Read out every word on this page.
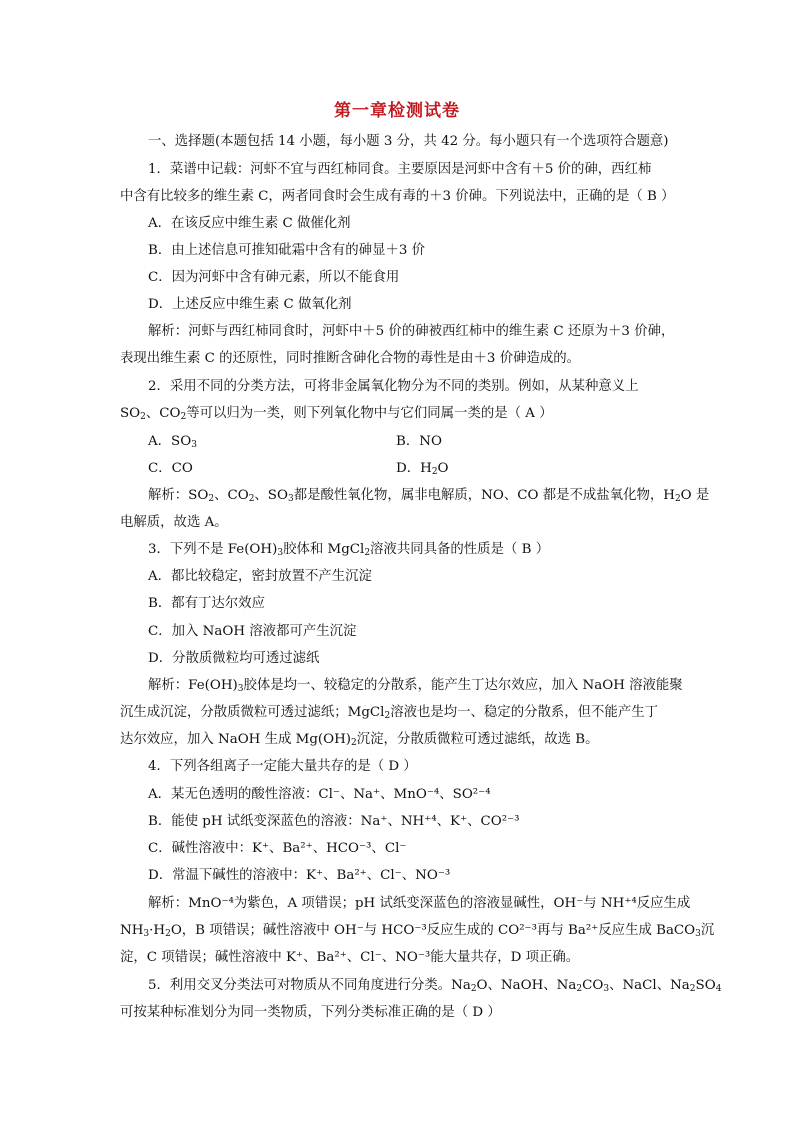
第一章检测试卷
一、选择题(本题包括 14 小题，每小题 3 分，共 42 分。每小题只有一个选项符合题意)
1．菜谱中记载：河虾不宜与西红柿同食。主要原因是河虾中含有＋5 价的砷，西红柿
中含有比较多的维生素 C，两者同食时会生成有毒的＋3 价砷。下列说法中，正确的是（ B ）
A．在该反应中维生素 C 做催化剂
B．由上述信息可推知砒霜中含有的砷显＋3 价
C．因为河虾中含有砷元素，所以不能食用
D．上述反应中维生素 C 做氧化剂
解析：河虾与西红柿同食时，河虾中＋5 价的砷被西红柿中的维生素 C 还原为＋3 价砷，
表现出维生素 C 的还原性，同时推断含砷化合物的毒性是由＋3 价砷造成的。
2．采用不同的分类方法，可将非金属氧化物分为不同的类别。例如，从某种意义上
$SO_2$、$CO_2$等可以归为一类，则下列氧化物中与它们同属一类的是（ A ）
A．$SO_3$	B．NO
C．CO	D．$H_2O$
解析：$SO_2$、$CO_2$、$SO_3$都是酸性氧化物，属非电解质，NO、CO 都是不成盐氧化物，$H_2O$ 是
电解质，故选 A。
3．下列不是 $Fe(OH)_3$胶体和 MgCl$_2$溶液共同具备的性质是（ B ）
A．都比较稳定，密封放置不产生沉淀
B．都有丁达尔效应
C．加入 NaOH 溶液都可产生沉淀
D．分散质微粒均可透过滤纸
解析：$Fe(OH)_3$胶体是均一、较稳定的分散系，能产生丁达尔效应，加入 NaOH 溶液能聚
沉生成沉淀，分散质微粒可透过滤纸；MgCl$_2$溶液也是均一、稳定的分散系，但不能产生丁
达尔效应，加入 NaOH 生成 $Mg(OH)_2$沉淀，分散质微粒可透过滤纸，故选 B。
4．下列各组离子一定能大量共存的是（ D ）
A．某无色透明的酸性溶液：Cl⁻、Na⁺、MnO⁻⁴、SO²⁻⁴
B．能使 pH 试纸变深蓝色的溶液：Na⁺、NH⁺⁴、K⁺、CO²⁻³
C．碱性溶液中：K⁺、Ba²⁺、HCO⁻³、Cl⁻
D．常温下碱性的溶液中：K⁺、Ba²⁺、Cl⁻、NO⁻³
解析：MnO⁻⁴为紫色，A 项错误；pH 试纸变深蓝色的溶液显碱性，OH⁻与 NH⁺⁴反应生成
$NH_3\cdot H_2O$，B 项错误；碱性溶液中 OH⁻与 HCO⁻³反应生成的 CO²⁻³再与 Ba²⁺反应生成 BaCO$_3$沉
淀，C 项错误；碱性溶液中 K⁺、Ba²⁺、Cl⁻、NO⁻³能大量共存，D 项正确。
5．利用交叉分类法可对物质从不同角度进行分类。$Na_2O$、NaOH、$Na_2CO_3$、NaCl、$Na_2SO_4$
可按某种标准划分为同一类物质，下列分类标准正确的是（ D ）
